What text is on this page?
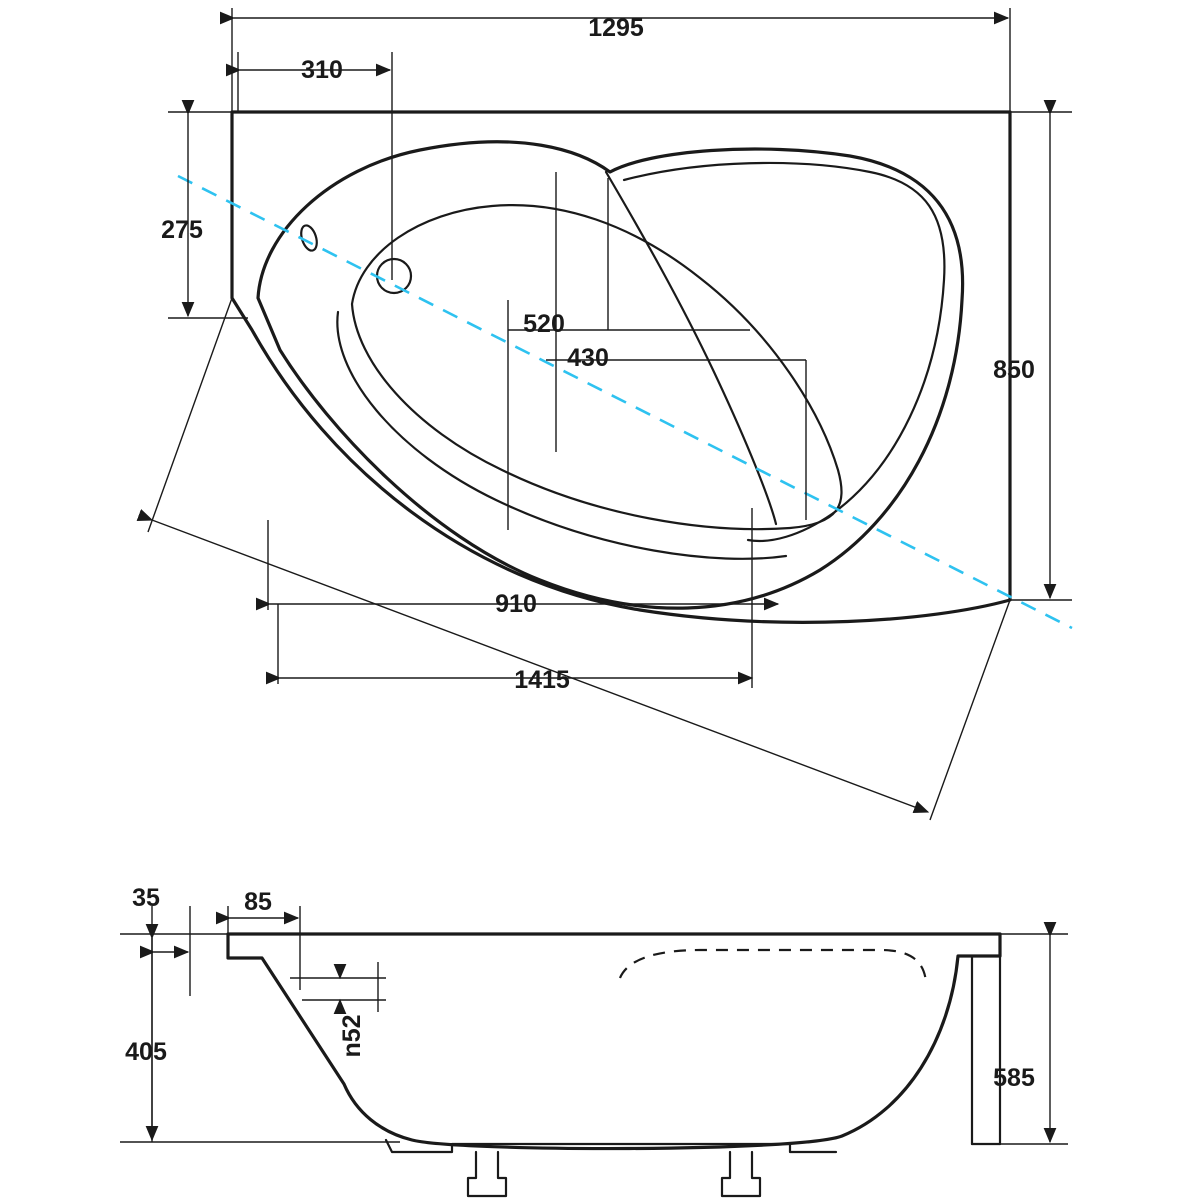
1295
310
275
850
520
430
910
1415
35	85
n52
405
585
